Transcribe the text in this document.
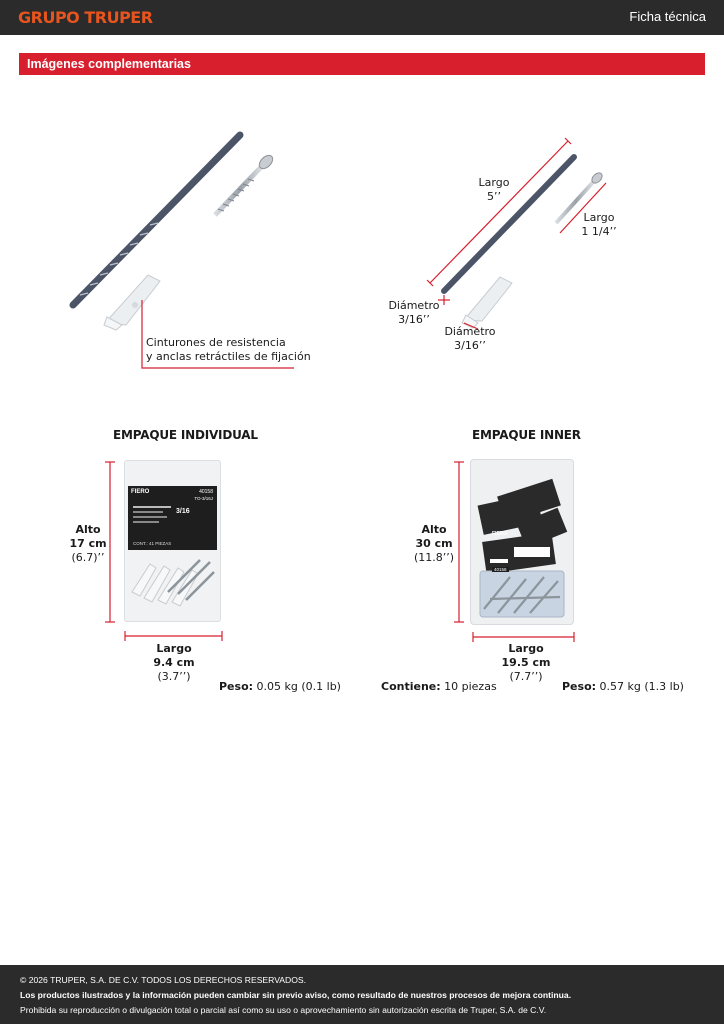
GRUPO TRUPER	Ficha técnica
Imágenes complementarias
Cinturones de resistencia
y anclas retráctiles de fijación
Largo
5’’
Largo
1 1/4’’
Diámetro
3/16’’
Diámetro
3/16’’
EMPAQUE INDIVIDUAL
Alto
17 cm
(6.7)’’
FIERO	40158
TO-3/16J
3/16
CONT.: 41 PIEZAS
Largo
9.4 cm
(3.7’’)
Peso: 0.05 kg (0.1 lb)
EMPAQUE INNER
Alto
30 cm
(11.8’’)
FIERO
40158
Largo
19.5 cm
(7.7’’)
Contiene: 10 piezas	Peso: 0.57 kg (1.3 lb)
© 2026 TRUPER, S.A. DE C.V. TODOS LOS DERECHOS RESERVADOS.
Los productos ilustrados y la información pueden cambiar sin previo aviso, como resultado de nuestros procesos de mejora continua.
Prohibida su reproducción o divulgación total o parcial así como su uso o aprovechamiento sin autorización escrita de Truper, S.A. de C.V.
